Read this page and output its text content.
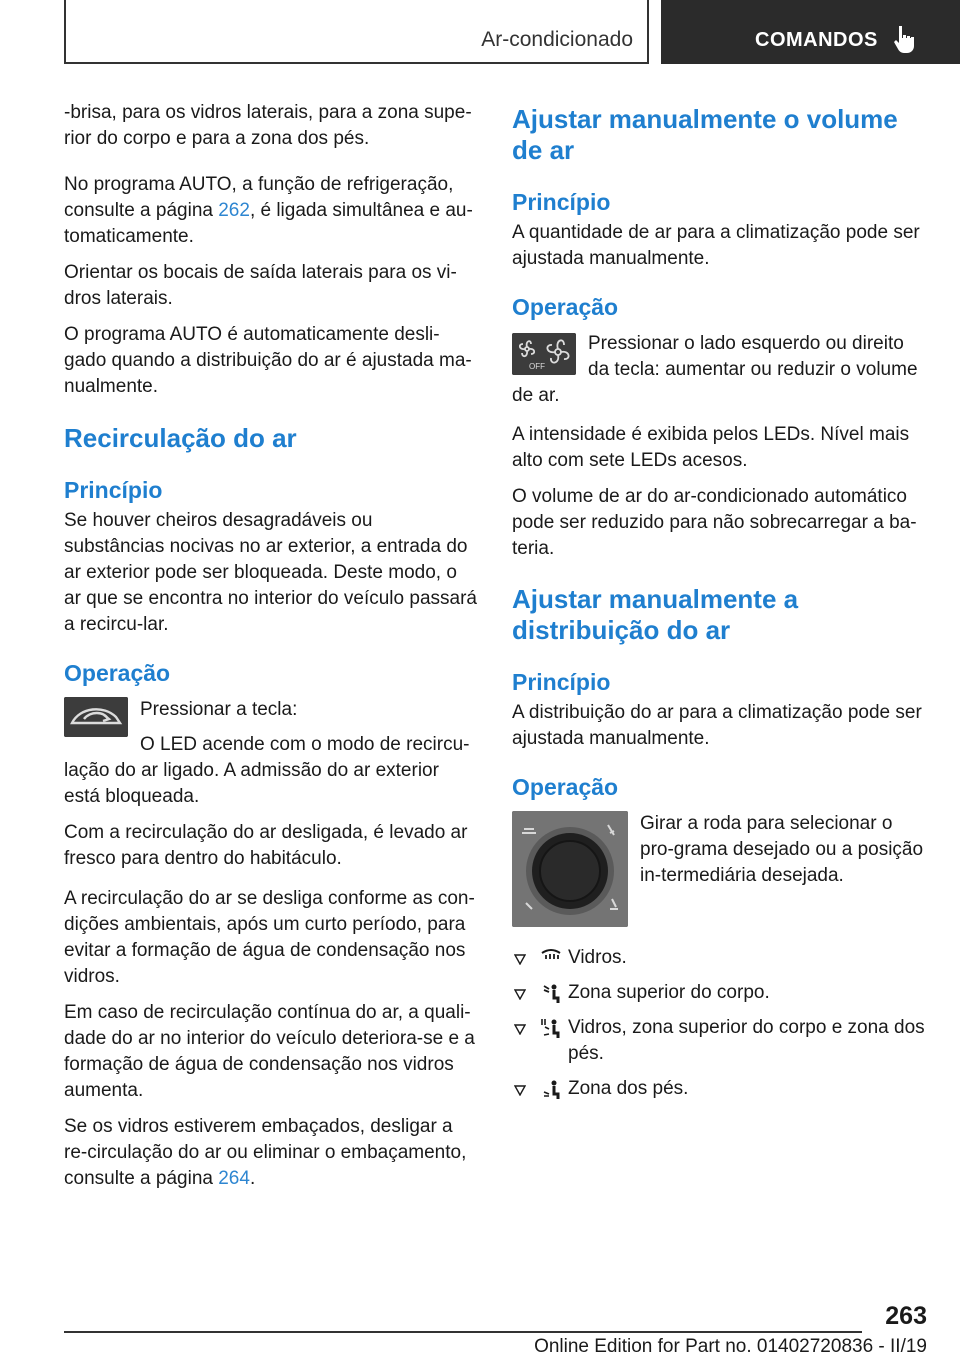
Ar-condicionado	COMANDOS

-brisa, para os vidros laterais, para a zona supe-rior do corpo e para a zona dos pés.

No programa AUTO, a função de refrigeração, consulte a página 262, é ligada simultânea e au-tomaticamente.

Orientar os bocais de saída laterais para os vi-dros laterais.

O programa AUTO é automaticamente desli-gado quando a distribuição do ar é ajustada ma-nualmente.

Recirculação do ar
Princípio

Se houver cheiros desagradáveis ou substâncias nocivas no ar exterior, a entrada do ar exterior pode ser bloqueada. Deste modo, o ar que se encontra no interior do veículo passará a recircu-lar.

Operação

Pressionar a tecla:

O LED acende com o modo de recircu-lação do ar ligado. A admissão do ar exterior está bloqueada.

Com a recirculação do ar desligada, é levado ar fresco para dentro do habitáculo.

A recirculação do ar se desliga conforme as con-dições ambientais, após um curto período, para evitar a formação de água de condensação nos vidros.

Em caso de recirculação contínua do ar, a quali-dade do ar no interior do veículo deteriora-se e a formação de água de condensação nos vidros aumenta.

Se os vidros estiverem embaçados, desligar a re-circulação do ar ou eliminar o embaçamento, consulte a página 264.

Ajustar manualmente o volume de ar
Princípio

A quantidade de ar para a climatização pode ser ajustada manualmente.

Operação
OFF

Pressionar o lado esquerdo ou direito da tecla: aumentar ou reduzir o volume de ar.

A intensidade é exibida pelos LEDs. Nível mais alto com sete LEDs acesos.

O volume de ar do ar-condicionado automático pode ser reduzido para não sobrecarregar a ba-teria.

Ajustar manualmente a distribuição do ar
Princípio

A distribuição do ar para a climatização pode ser ajustada manualmente.

Operação

Girar a roda para selecionar o pro-grama desejado ou a posição in-termediária desejada.

Vidros.
Zona superior do corpo.
Vidros, zona superior do corpo e zona dos pés.
Zona dos pés.
263
Online Edition for Part no. 01402720836 - II/19
